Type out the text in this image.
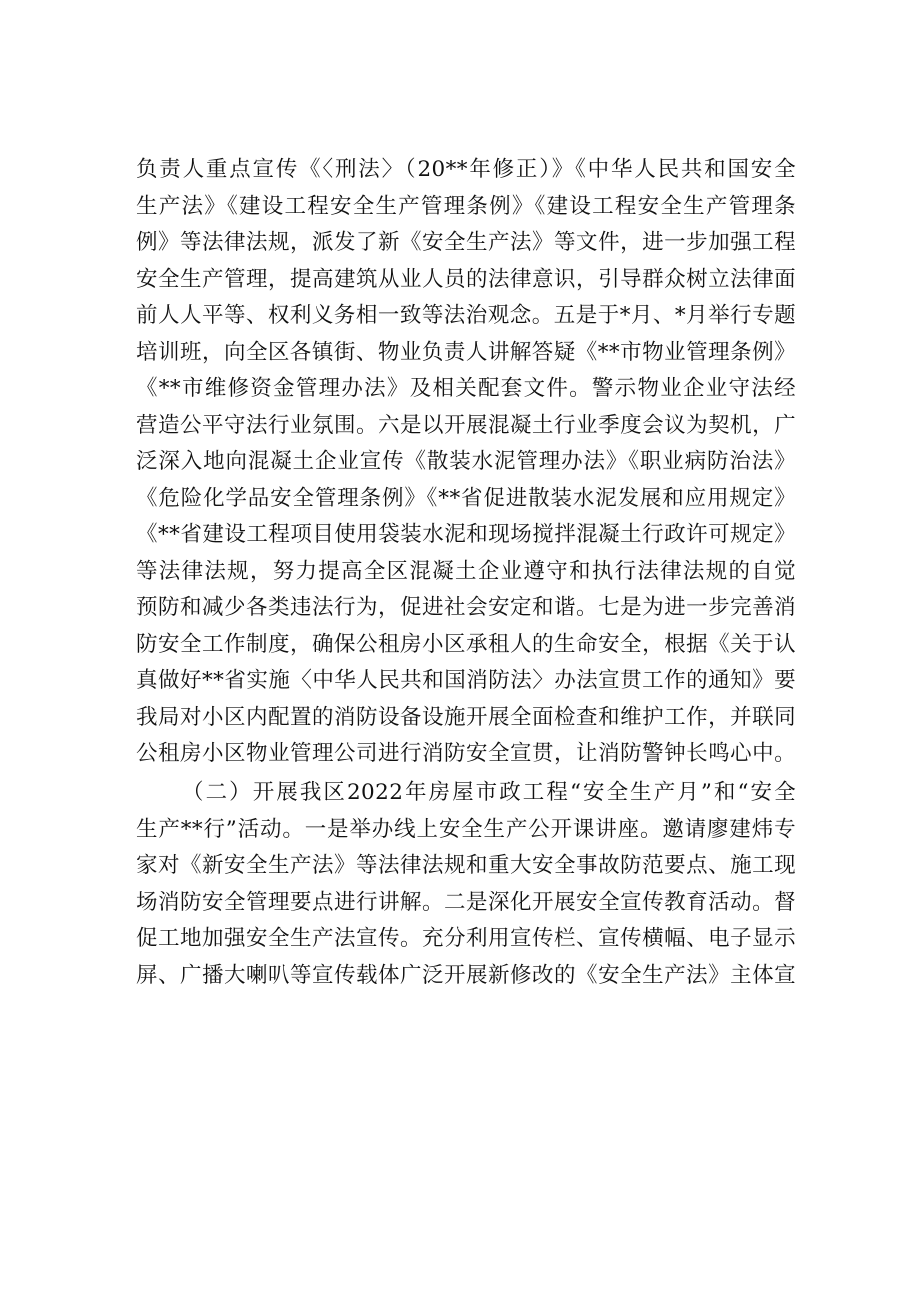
负责人重点宣传《〈刑法〉（20**年修正）》《中华人民共和国安全
生产法》《建设工程安全生产管理条例》《建设工程安全生产管理条
例》等法律法规，派发了新《安全生产法》等文件，进一步加强工程
安全生产管理，提高建筑从业人员的法律意识，引导群众树立法律面
前人人平等、权利义务相一致等法治观念。五是于*月、*月举行专题
培训班，向全区各镇街、物业负责人讲解答疑《**市物业管理条例》
《**市维修资金管理办法》及相关配套文件。警示物业企业守法经
营造公平守法行业氛围。六是以开展混凝土行业季度会议为契机，广
泛深入地向混凝土企业宣传《散装水泥管理办法》《职业病防治法》
《危险化学品安全管理条例》《**省促进散装水泥发展和应用规定》
《**省建设工程项目使用袋装水泥和现场搅拌混凝土行政许可规定》
等法律法规，努力提高全区混凝土企业遵守和执行法律法规的自觉
预防和减少各类违法行为，促进社会安定和谐。七是为进一步完善消
防安全工作制度，确保公租房小区承租人的生命安全，根据《关于认
真做好**省实施〈中华人民共和国消防法〉办法宣贯工作的通知》要
我局对小区内配置的消防设备设施开展全面检查和维护工作，并联同
公租房小区物业管理公司进行消防安全宣贯，让消防警钟长鸣心中。
（二）开展我区2022年房屋市政工程“安全生产月”和“安全
生产**行”活动。一是举办线上安全生产公开课讲座。邀请廖建炜专
家对《新安全生产法》等法律法规和重大安全事故防范要点、施工现
场消防安全管理要点进行讲解。二是深化开展安全宣传教育活动。督
促工地加强安全生产法宣传。充分利用宣传栏、宣传横幅、电子显示
屏、广播大喇叭等宣传载体广泛开展新修改的《安全生产法》主体宣
